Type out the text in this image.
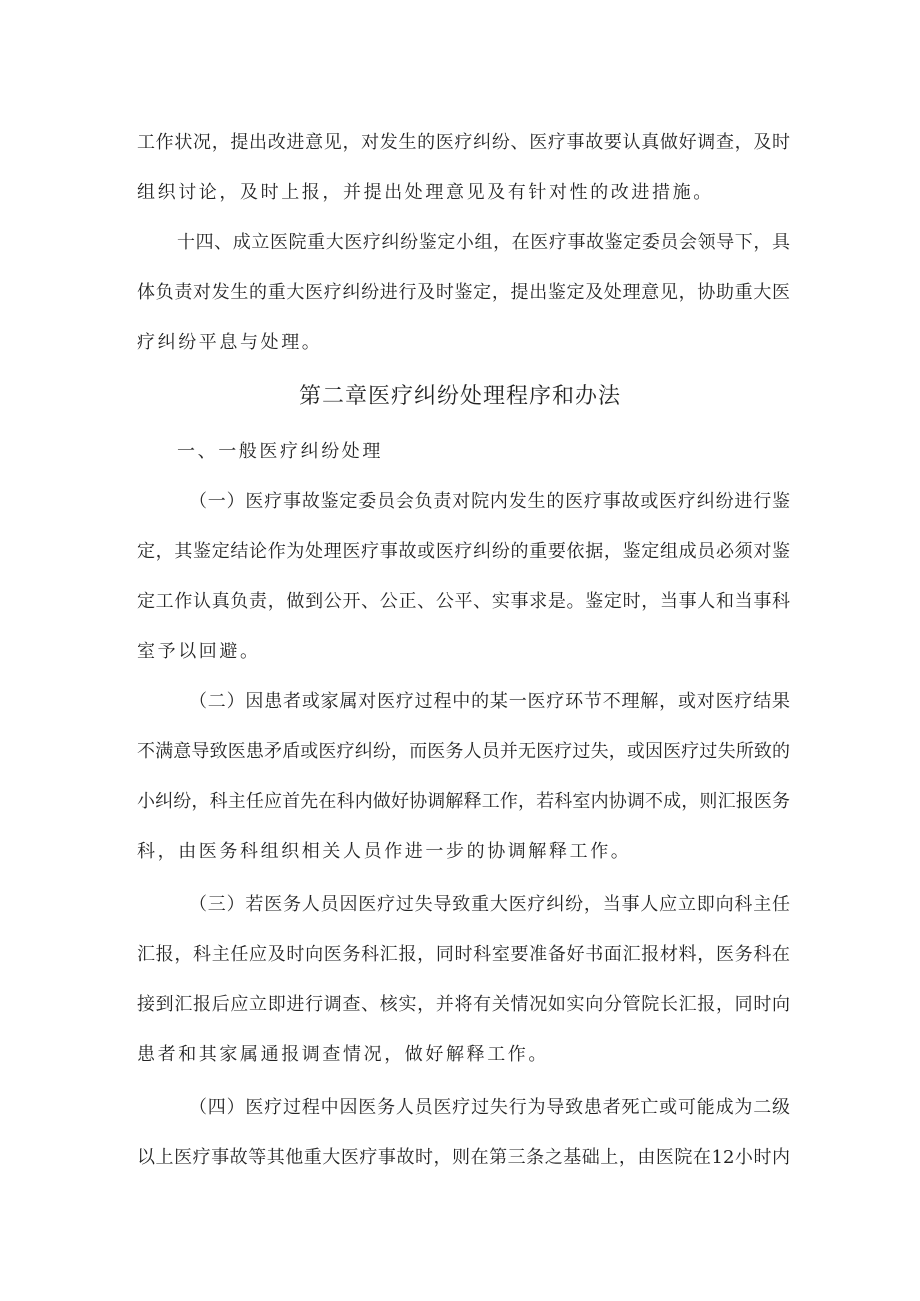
工作状况，提出改进意见，对发生的医疗纠纷、医疗事故要认真做好调查，及时

组织讨论，及时上报，并提出处理意见及有针对性的改进措施。

十四、成立医院重大医疗纠纷鉴定小组，在医疗事故鉴定委员会领导下，具

体负责对发生的重大医疗纠纷进行及时鉴定，提出鉴定及处理意见，协助重大医

疗纠纷平息与处理。

第二章医疗纠纷处理程序和办法

一、一般医疗纠纷处理

（一）医疗事故鉴定委员会负责对院内发生的医疗事故或医疗纠纷进行鉴

定，其鉴定结论作为处理医疗事故或医疗纠纷的重要依据，鉴定组成员必须对鉴

定工作认真负责，做到公开、公正、公平、实事求是。鉴定时，当事人和当事科

室予以回避。

（二）因患者或家属对医疗过程中的某一医疗环节不理解，或对医疗结果

不满意导致医患矛盾或医疗纠纷，而医务人员并无医疗过失，或因医疗过失所致的

小纠纷，科主任应首先在科内做好协调解释工作，若科室内协调不成，则汇报医务

科，由医务科组织相关人员作进一步的协调解释工作。

（三）若医务人员因医疗过失导致重大医疗纠纷，当事人应立即向科主任

汇报，科主任应及时向医务科汇报，同时科室要准备好书面汇报材料，医务科在

接到汇报后应立即进行调查、核实，并将有关情况如实向分管院长汇报，同时向

患者和其家属通报调查情况，做好解释工作。

（四）医疗过程中因医务人员医疗过失行为导致患者死亡或可能成为二级

以上医疗事故等其他重大医疗事故时，则在第三条之基础上，由医院在12小时内
